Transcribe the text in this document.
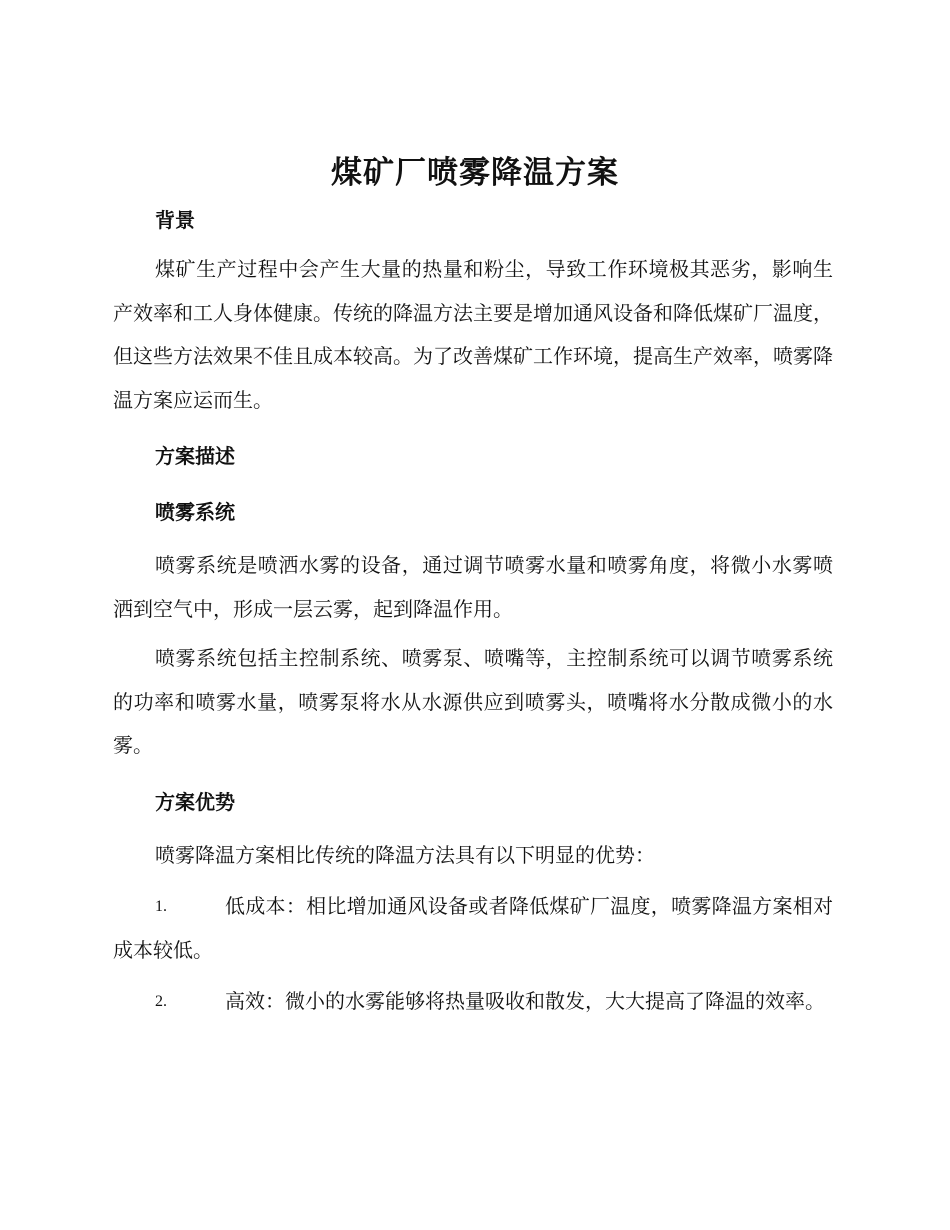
煤矿厂喷雾降温方案

背景

煤矿生产过程中会产生大量的热量和粉尘，导致工作环境极其恶劣，影响生产效率和工人身体健康。传统的降温方法主要是增加通风设备和降低煤矿厂温度，但这些方法效果不佳且成本较高。为了改善煤矿工作环境，提高生产效率，喷雾降温方案应运而生。

方案描述

喷雾系统

喷雾系统是喷洒水雾的设备，通过调节喷雾水量和喷雾角度，将微小水雾喷洒到空气中，形成一层云雾，起到降温作用。

喷雾系统包括主控制系统、喷雾泵、喷嘴等，主控制系统可以调节喷雾系统的功率和喷雾水量，喷雾泵将水从水源供应到喷雾头，喷嘴将水分散成微小的水雾。

方案优势

喷雾降温方案相比传统的降温方法具有以下明显的优势：

1.	低成本：相比增加通风设备或者降低煤矿厂温度，喷雾降温方案相对成本较低。
2.	高效：微小的水雾能够将热量吸收和散发，大大提高了降温的效率。
